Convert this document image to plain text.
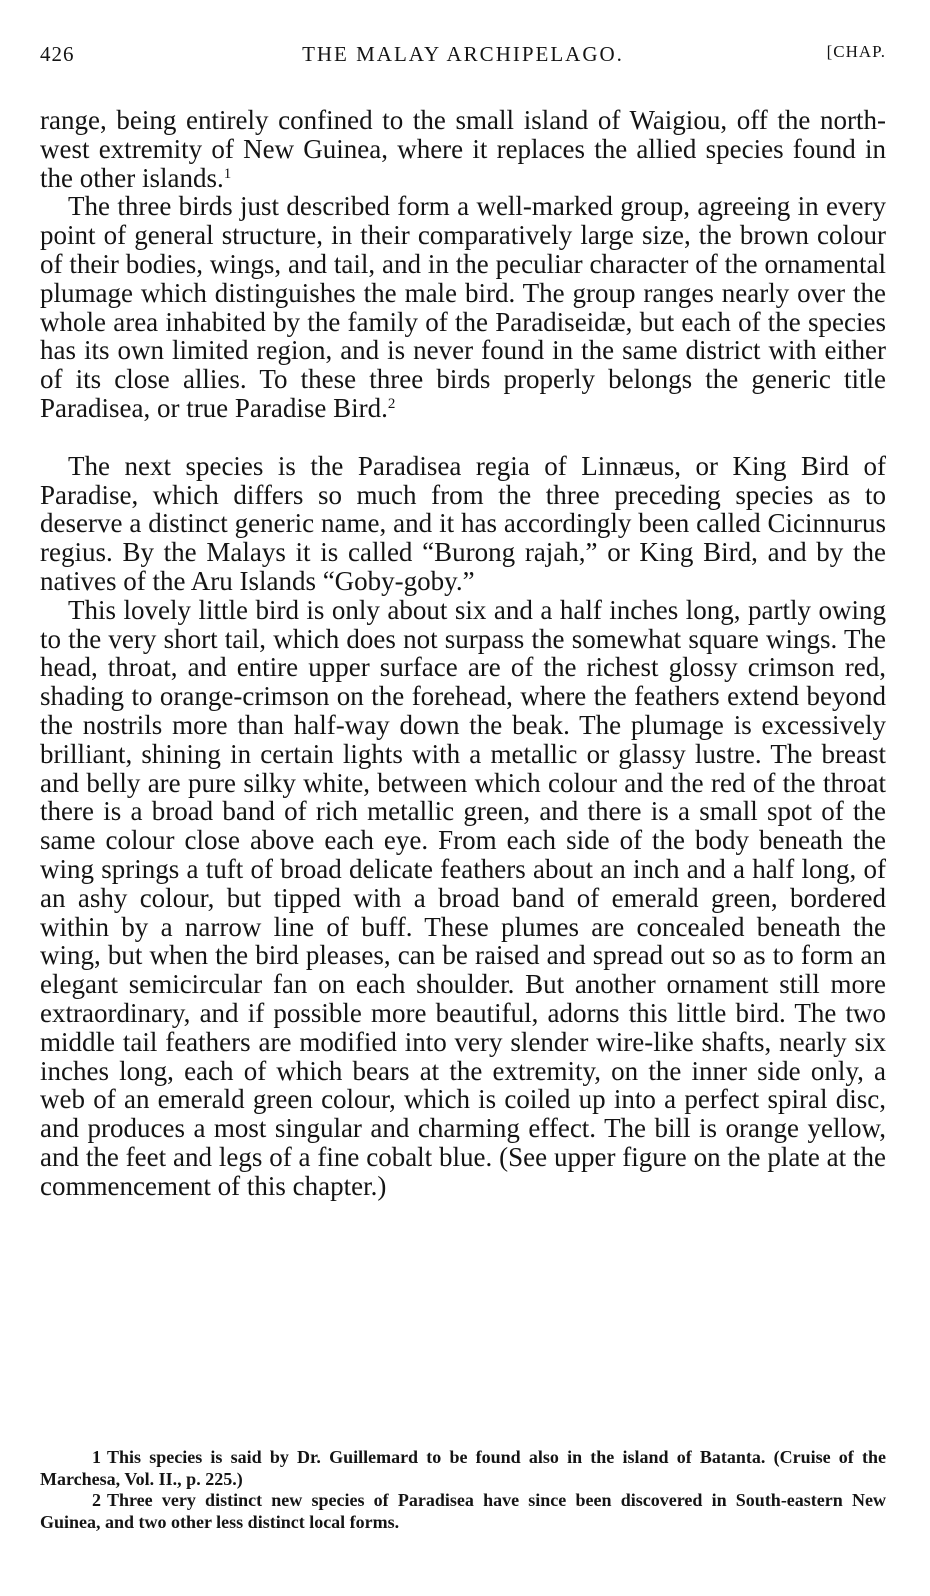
426	THE MALAY ARCHIPELAGO.	[CHAP.

range, being entirely confined to the small island of Waigiou, off the north-west extremity of New Guinea, where it replaces the allied species found in the other islands.$^1$

The three birds just described form a well-marked group, agreeing in every point of general structure, in their comparatively large size, the brown colour of their bodies, wings, and tail, and in the peculiar character of the ornamental plumage which distinguishes the male bird. The group ranges nearly over the whole area inhabited by the family of the Paradiseidæ, but each of the species has its own limited region, and is never found in the same district with either of its close allies. To these three birds properly belongs the generic title Paradisea, or true Paradise Bird.$^2$

The next species is the Paradisea regia of Linnæus, or King Bird of Paradise, which differs so much from the three preceding species as to deserve a distinct generic name, and it has accordingly been called Cicinnurus regius. By the Malays it is called “Burong rajah,” or King Bird, and by the natives of the Aru Islands “Goby-goby.”

This lovely little bird is only about six and a half inches long, partly owing to the very short tail, which does not surpass the somewhat square wings. The head, throat, and entire upper surface are of the richest glossy crimson red, shading to orange-crimson on the forehead, where the feathers extend beyond the nostrils more than half-way down the beak. The plumage is excessively brilliant, shining in certain lights with a metallic or glassy lustre. The breast and belly are pure silky white, between which colour and the red of the throat there is a broad band of rich metallic green, and there is a small spot of the same colour close above each eye. From each side of the body beneath the wing springs a tuft of broad delicate feathers about an inch and a half long, of an ashy colour, but tipped with a broad band of emerald green, bordered within by a narrow line of buff. These plumes are concealed beneath the wing, but when the bird pleases, can be raised and spread out so as to form an elegant semicircular fan on each shoulder. But another ornament still more extraordinary, and if possible more beautiful, adorns this little bird. The two middle tail feathers are modified into very slender wire-like shafts, nearly six inches long, each of which bears at the extremity, on the inner side only, a web of an emerald green colour, which is coiled up into a perfect spiral disc, and produces a most singular and charming effect. The bill is orange yellow, and the feet and legs of a fine cobalt blue. (See upper figure on the plate at the commencement of this chapter.)

1 This species is said by Dr. Guillemard to be found also in the island of Batanta. (Cruise of the Marchesa, Vol. II., p. 225.)

2 Three very distinct new species of Paradisea have since been discovered in South-eastern New Guinea, and two other less distinct local forms.
